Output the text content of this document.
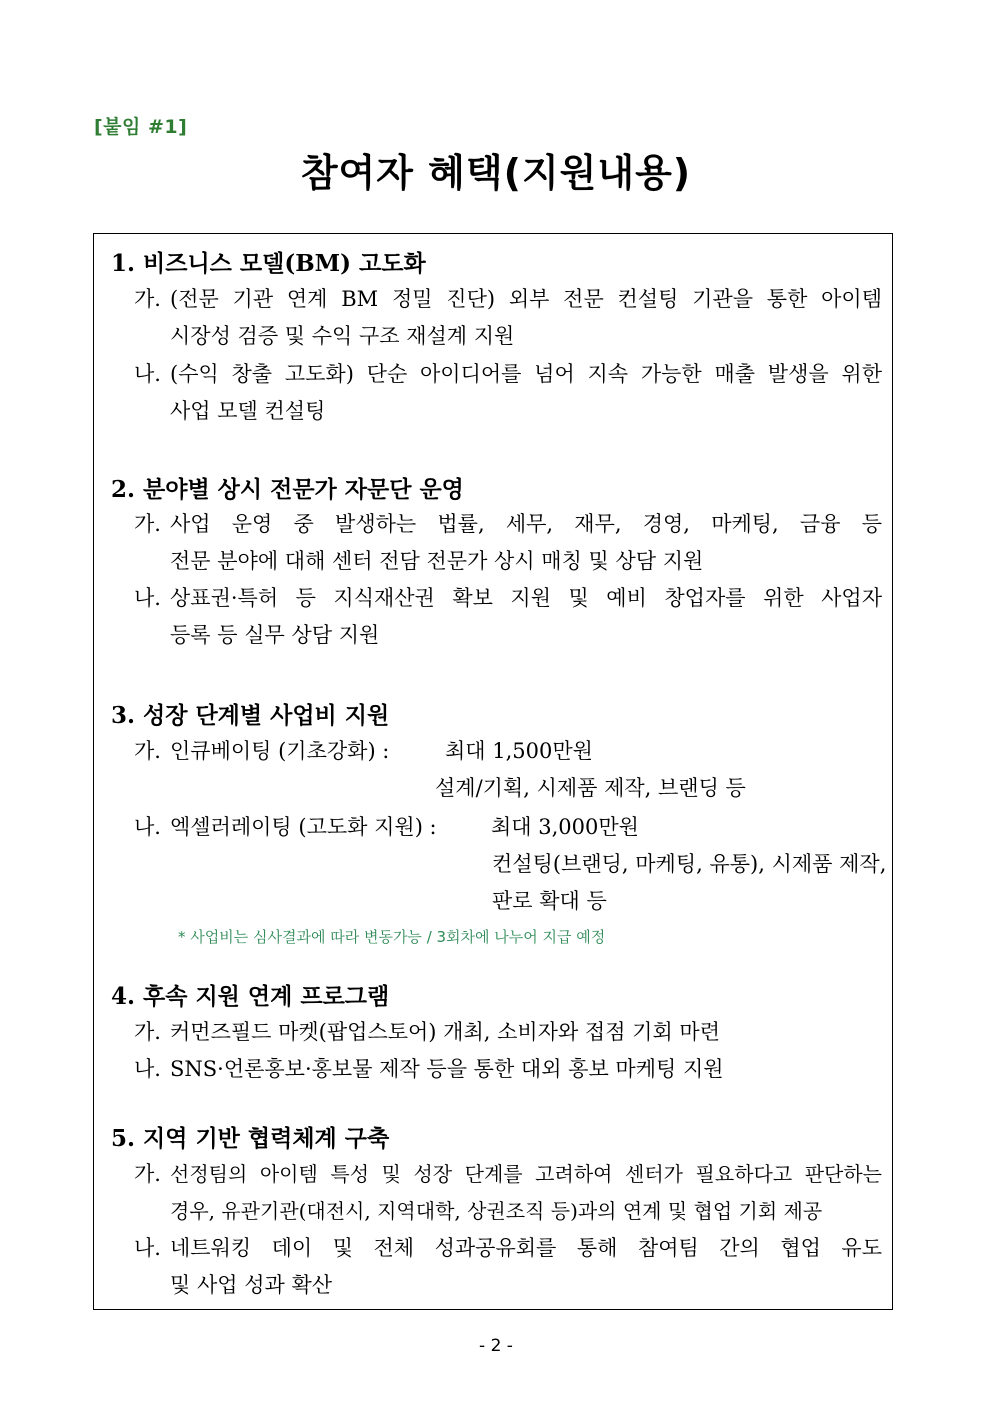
[붙임 #1]
참여자 혜택(지원내용)
1. 비즈니스 모델(BM) 고도화
가. (전문 기관 연계 BM 정밀 진단) 외부 전문 컨설팅 기관을 통한 아이템
시장성 검증 및 수익 구조 재설계 지원
나. (수익 창출 고도화) 단순 아이디어를 넘어 지속 가능한 매출 발생을 위한
사업 모델 컨설팅
2. 분야별 상시 전문가 자문단 운영
가. 사업 운영 중 발생하는 법률, 세무, 재무, 경영, 마케팅, 금융 등
전문 분야에 대해 센터 전담 전문가 상시 매칭 및 상담 지원
나. 상표권·특허 등 지식재산권 확보 지원 및 예비 창업자를 위한 사업자
등록 등 실무 상담 지원
3. 성장 단계별 사업비 지원
가. 인큐베이팅 (기초강화) :	최대 1,500만원
설계/기획, 시제품 제작, 브랜딩 등
나. 엑셀러레이팅 (고도화 지원) :	최대 3,000만원
컨설팅(브랜딩, 마케팅, 유통), 시제품 제작,
판로 확대 등
* 사업비는 심사결과에 따라 변동가능 / 3회차에 나누어 지급 예정
4. 후속 지원 연계 프로그램
가. 커먼즈필드 마켓(팝업스토어) 개최, 소비자와 접점 기회 마련
나. SNS·언론홍보·홍보물 제작 등을 통한 대외 홍보 마케팅 지원
5. 지역 기반 협력체계 구축
가. 선정팀의 아이템 특성 및 성장 단계를 고려하여 센터가 필요하다고 판단하는
경우, 유관기관(대전시, 지역대학, 상권조직 등)과의 연계 및 협업 기회 제공
나. 네트워킹 데이 및 전체 성과공유회를 통해 참여팀 간의 협업 유도
및 사업 성과 확산
- 2 -
